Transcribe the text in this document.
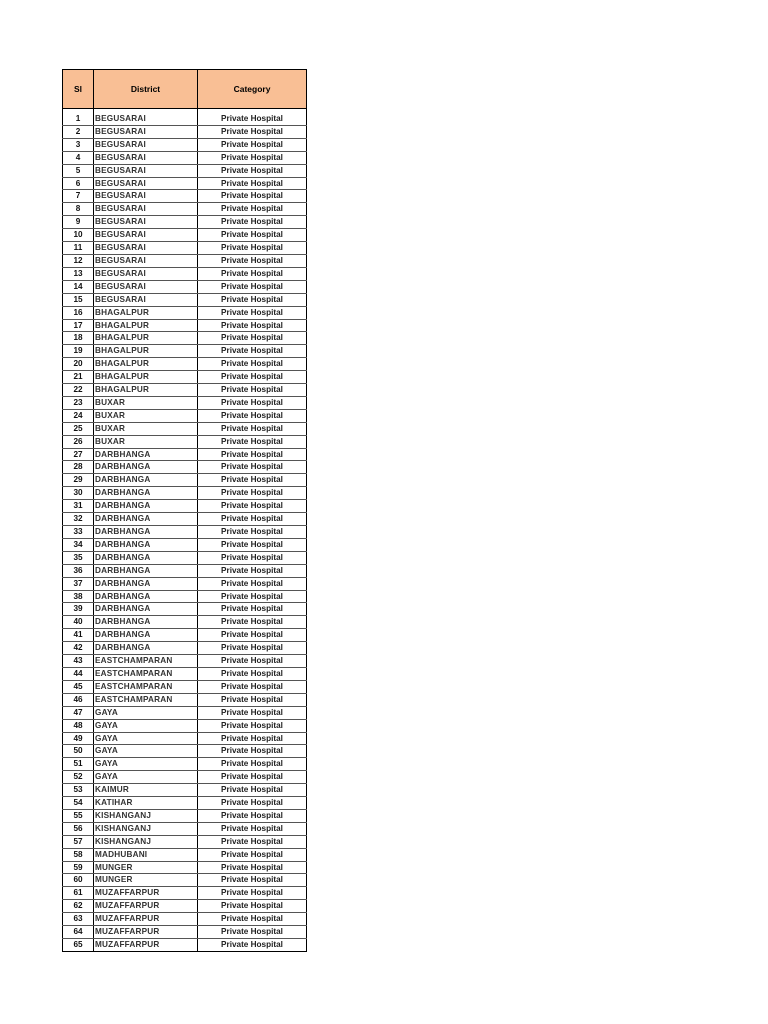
Sl	District	Category

1	BEGUSARAI	Private Hospital
2	BEGUSARAI	Private Hospital
3	BEGUSARAI	Private Hospital
4	BEGUSARAI	Private Hospital
5	BEGUSARAI	Private Hospital
6	BEGUSARAI	Private Hospital
7	BEGUSARAI	Private Hospital
8	BEGUSARAI	Private Hospital
9	BEGUSARAI	Private Hospital
10	BEGUSARAI	Private Hospital
11	BEGUSARAI	Private Hospital
12	BEGUSARAI	Private Hospital
13	BEGUSARAI	Private Hospital
14	BEGUSARAI	Private Hospital
15	BEGUSARAI	Private Hospital
16	BHAGALPUR	Private Hospital
17	BHAGALPUR	Private Hospital
18	BHAGALPUR	Private Hospital
19	BHAGALPUR	Private Hospital
20	BHAGALPUR	Private Hospital
21	BHAGALPUR	Private Hospital
22	BHAGALPUR	Private Hospital
23	BUXAR	Private Hospital
24	BUXAR	Private Hospital
25	BUXAR	Private Hospital
26	BUXAR	Private Hospital
27	DARBHANGA	Private Hospital
28	DARBHANGA	Private Hospital
29	DARBHANGA	Private Hospital
30	DARBHANGA	Private Hospital
31	DARBHANGA	Private Hospital
32	DARBHANGA	Private Hospital
33	DARBHANGA	Private Hospital
34	DARBHANGA	Private Hospital
35	DARBHANGA	Private Hospital
36	DARBHANGA	Private Hospital
37	DARBHANGA	Private Hospital
38	DARBHANGA	Private Hospital
39	DARBHANGA	Private Hospital
40	DARBHANGA	Private Hospital
41	DARBHANGA	Private Hospital
42	DARBHANGA	Private Hospital
43	EASTCHAMPARAN	Private Hospital
44	EASTCHAMPARAN	Private Hospital
45	EASTCHAMPARAN	Private Hospital
46	EASTCHAMPARAN	Private Hospital
47	GAYA	Private Hospital
48	GAYA	Private Hospital
49	GAYA	Private Hospital
50	GAYA	Private Hospital
51	GAYA	Private Hospital
52	GAYA	Private Hospital
53	KAIMUR	Private Hospital
54	KATIHAR	Private Hospital
55	KISHANGANJ	Private Hospital
56	KISHANGANJ	Private Hospital
57	KISHANGANJ	Private Hospital
58	MADHUBANI	Private Hospital
59	MUNGER	Private Hospital
60	MUNGER	Private Hospital
61	MUZAFFARPUR	Private Hospital
62	MUZAFFARPUR	Private Hospital
63	MUZAFFARPUR	Private Hospital
64	MUZAFFARPUR	Private Hospital
65	MUZAFFARPUR	Private Hospital
